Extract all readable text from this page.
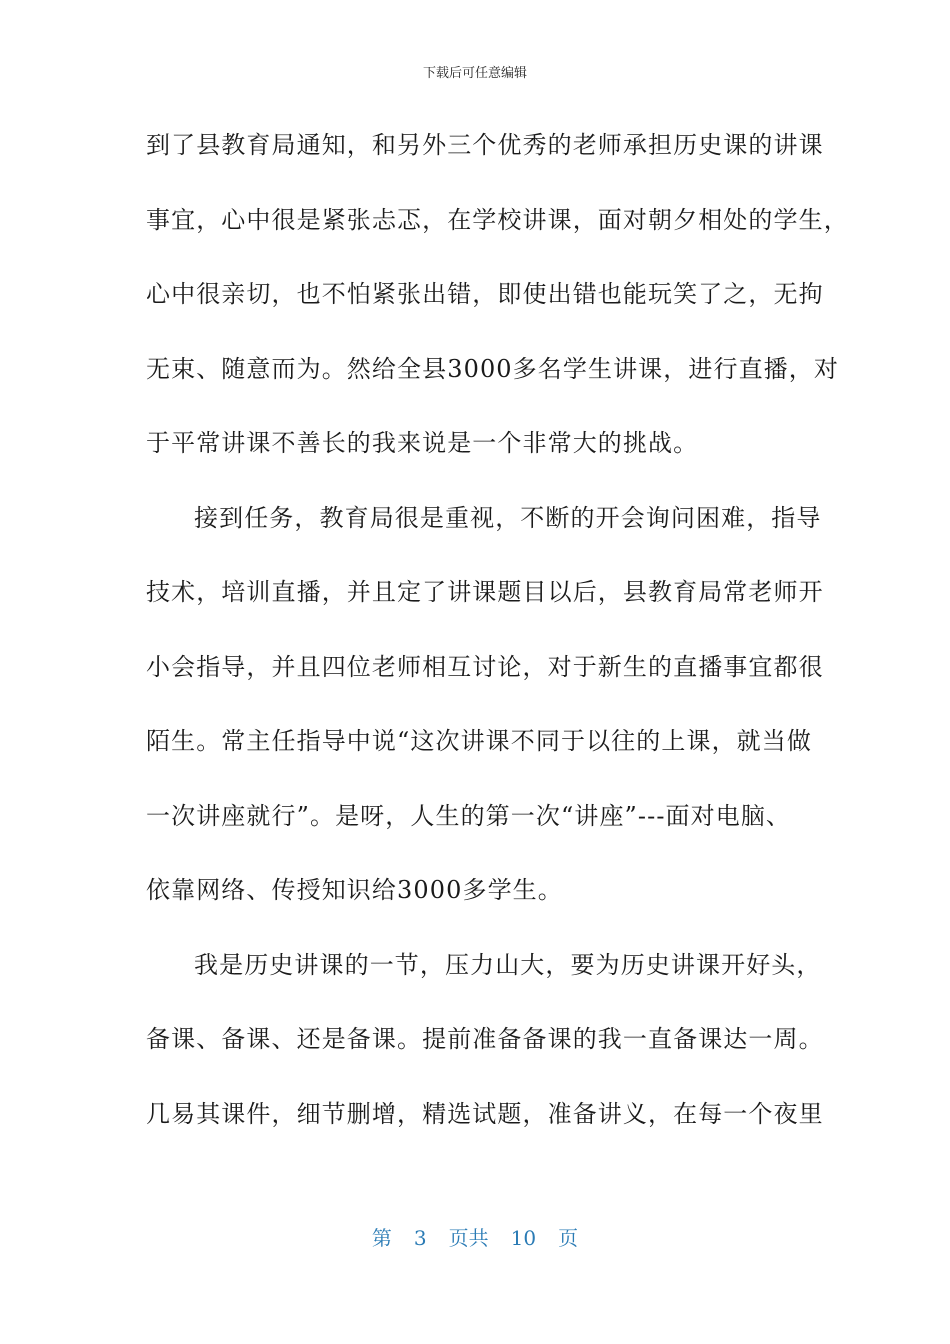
下载后可任意编辑
到了县教育局通知，和另外三个优秀的老师承担历史课的讲课
事宜，心中很是紧张忐忑，在学校讲课，面对朝夕相处的学生，
心中很亲切，也不怕紧张出错，即使出错也能玩笑了之，无拘
无束、随意而为。然给全县3000多名学生讲课，进行直播，对
于平常讲课不善长的我来说是一个非常大的挑战。
接到任务，教育局很是重视，不断的开会询问困难，指导
技术，培训直播，并且定了讲课题目以后，县教育局常老师开
小会指导，并且四位老师相互讨论，对于新生的直播事宜都很
陌生。常主任指导中说“这次讲课不同于以往的上课，就当做
一次讲座就行”。是呀，人生的第一次“讲座”---面对电脑、
依靠网络、传授知识给3000多学生。
我是历史讲课的一节，压力山大，要为历史讲课开好头，
备课、备课、还是备课。提前准备备课的我一直备课达一周。
几易其课件，细节删增，精选试题，准备讲义，在每一个夜里
第 3 页共 10 页
